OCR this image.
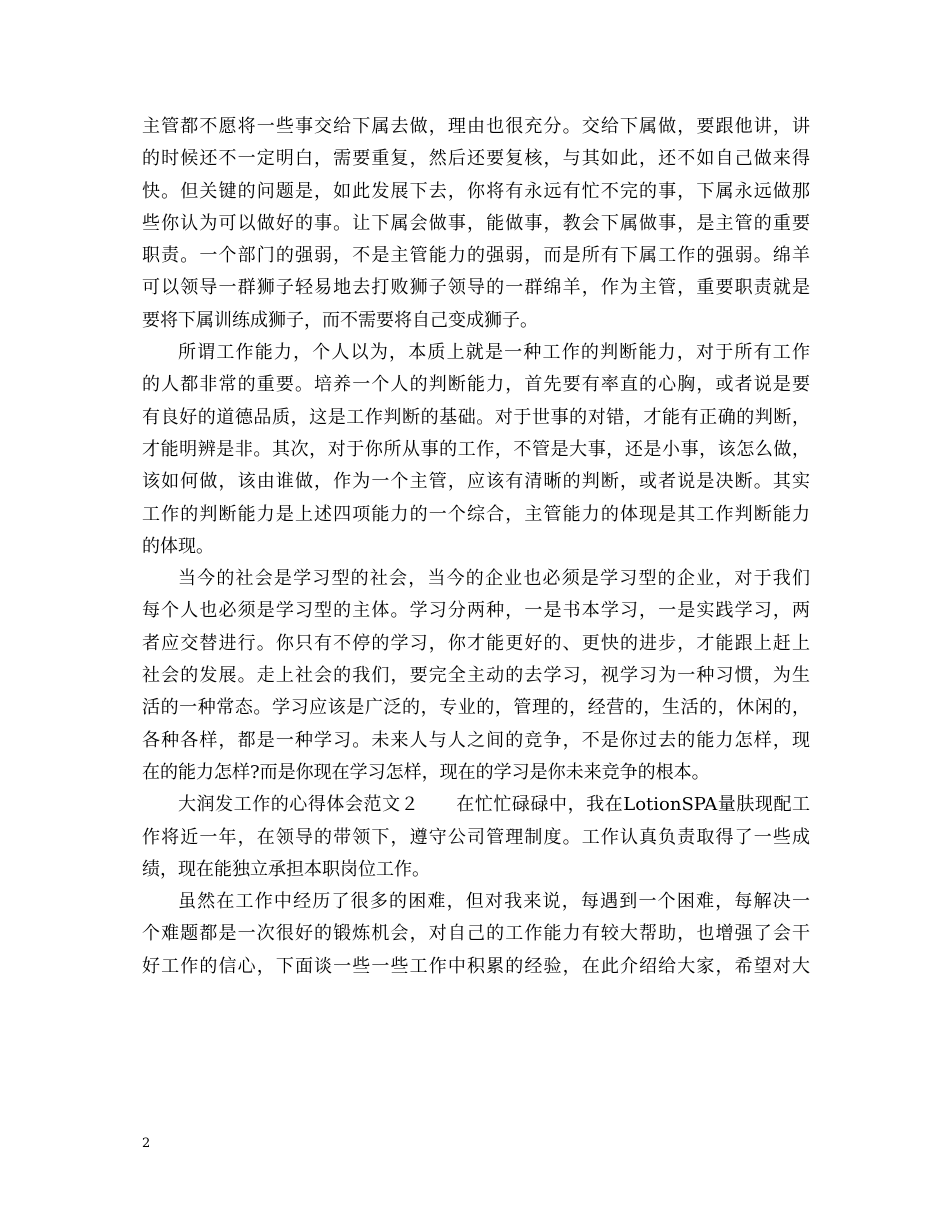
主管都不愿将一些事交给下属去做，理由也很充分。交给下属做，要跟他讲，讲
的时候还不一定明白，需要重复，然后还要复核，与其如此，还不如自己做来得
快。但关键的问题是，如此发展下去，你将有永远有忙不完的事，下属永远做那
些你认为可以做好的事。让下属会做事，能做事，教会下属做事，是主管的重要
职责。一个部门的强弱，不是主管能力的强弱，而是所有下属工作的强弱。绵羊
可以领导一群狮子轻易地去打败狮子领导的一群绵羊，作为主管，重要职责就是
要将下属训练成狮子，而不需要将自己变成狮子。
所谓工作能力，个人以为，本质上就是一种工作的判断能力，对于所有工作
的人都非常的重要。培养一个人的判断能力，首先要有率直的心胸，或者说是要
有良好的道德品质，这是工作判断的基础。对于世事的对错，才能有正确的判断，
才能明辨是非。其次，对于你所从事的工作，不管是大事，还是小事，该怎么做，
该如何做，该由谁做，作为一个主管，应该有清晰的判断，或者说是决断。其实
工作的判断能力是上述四项能力的一个综合，主管能力的体现是其工作判断能力
的体现。
当今的社会是学习型的社会，当今的企业也必须是学习型的企业，对于我们
每个人也必须是学习型的主体。学习分两种，一是书本学习，一是实践学习，两
者应交替进行。你只有不停的学习，你才能更好的、更快的进步，才能跟上赶上
社会的发展。走上社会的我们，要完全主动的去学习，视学习为一种习惯，为生
活的一种常态。学习应该是广泛的，专业的，管理的，经营的，生活的，休闲的，
各种各样，都是一种学习。未来人与人之间的竞争，不是你过去的能力怎样，现
在的能力怎样?而是你现在学习怎样，现在的学习是你未来竞争的根本。
大润发工作的心得体会范文２　　在忙忙碌碌中，我在LotionSPA量肤现配工
作将近一年，在领导的带领下，遵守公司管理制度。工作认真负责取得了一些成
绩，现在能独立承担本职岗位工作。
虽然在工作中经历了很多的困难，但对我来说，每遇到一个困难，每解决一
个难题都是一次很好的锻炼机会，对自己的工作能力有较大帮助，也增强了会干
好工作的信心，下面谈一些一些工作中积累的经验，在此介绍给大家，希望对大
2
